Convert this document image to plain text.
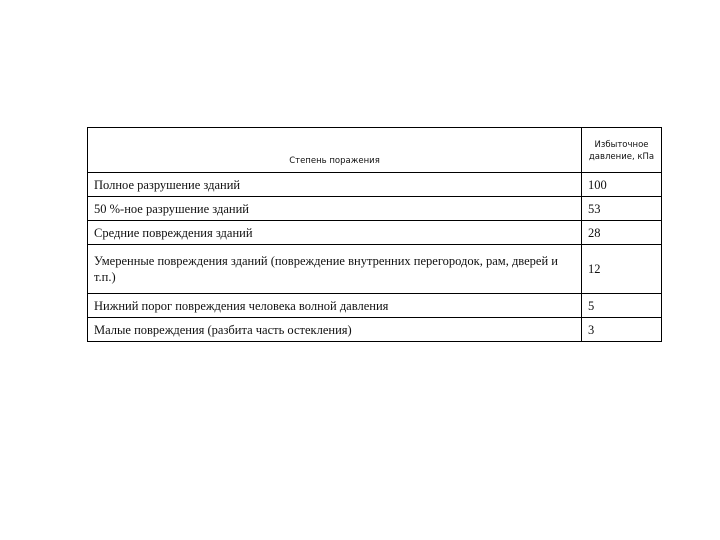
Степень поражения	Избыточное давление, кПа
Полное разрушение зданий	100
50 %-ное разрушение зданий	53
Средние повреждения зданий	28
Умеренные повреждения зданий (повреждение внутренних перегородок, рам, дверей и т.п.)	12
Нижний порог повреждения человека волной давления	5
Малые повреждения (разбита часть остекления)	3
